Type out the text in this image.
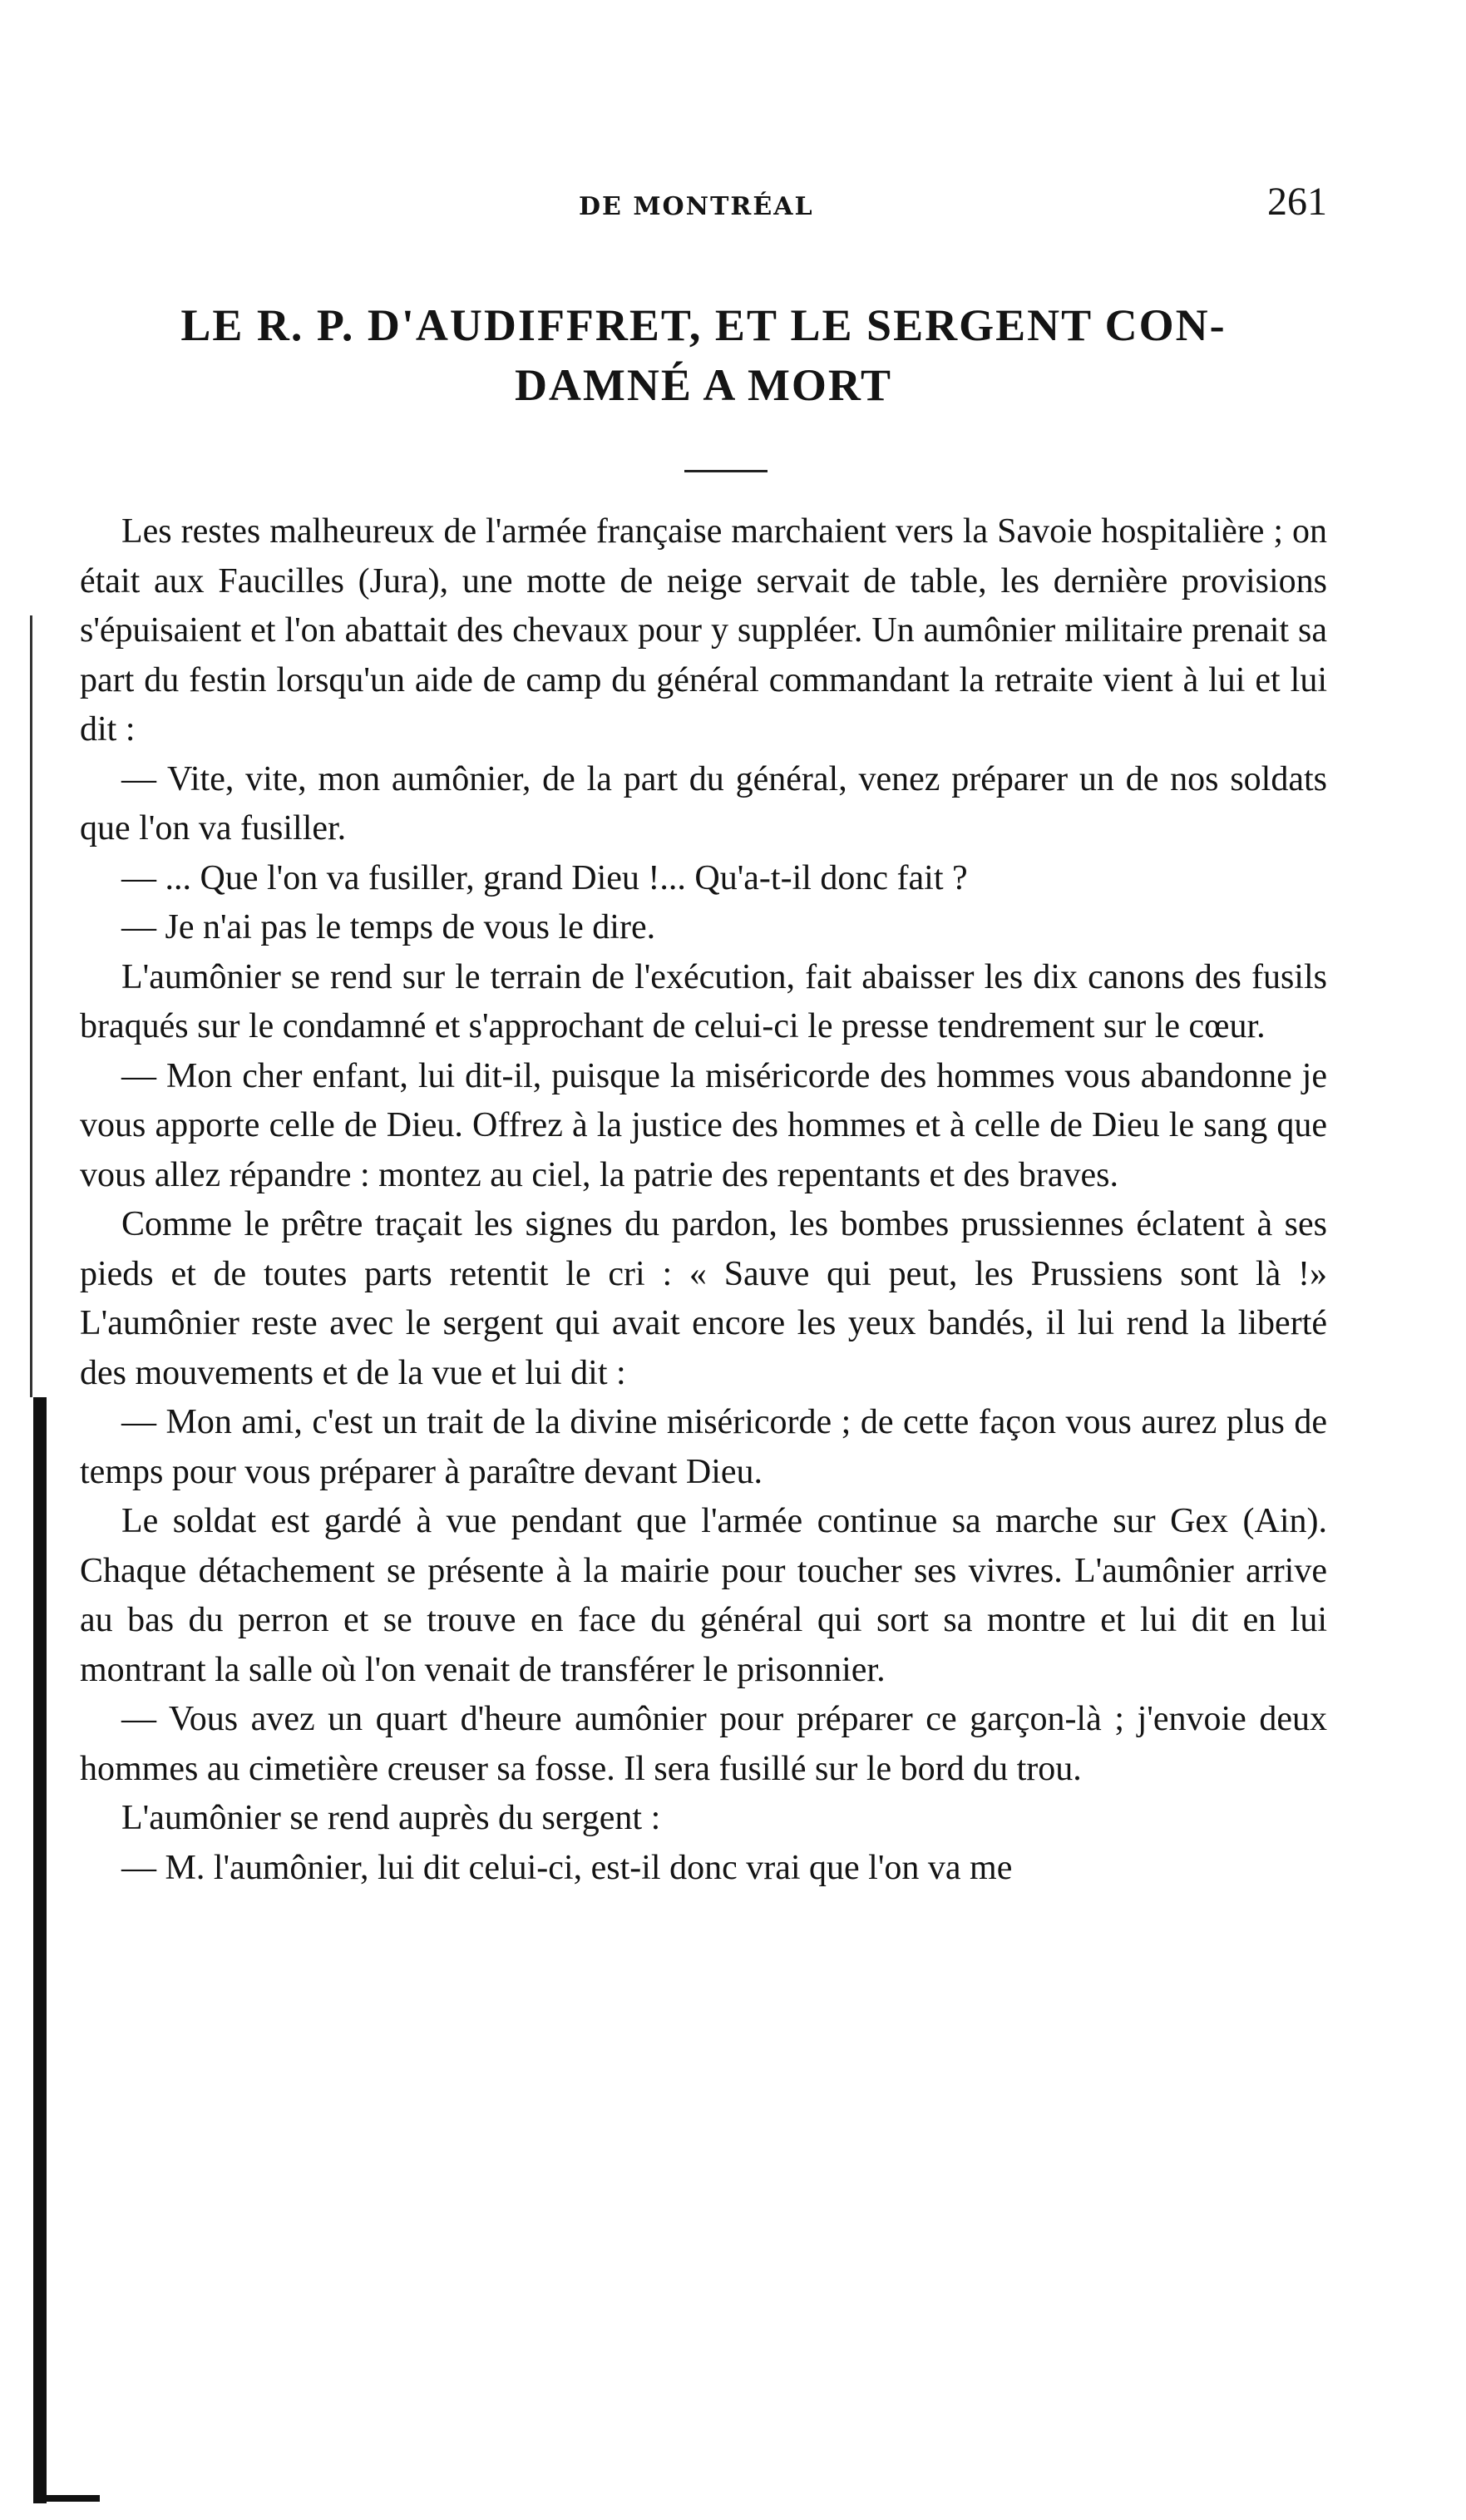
DE MONTRÉAL	261
LE R. P. D'AUDIFFRET, ET LE SERGENT CON-
DAMNÉ A MORT

Les restes malheureux de l'armée française marchaient vers la Savoie hospitalière ; on était aux Faucilles (Jura), une motte de neige servait de table, les dernière provisions s'épuisaient et l'on abattait des chevaux pour y suppléer. Un aumônier militaire prenait sa part du festin lorsqu'un aide de camp du général commandant la retraite vient à lui et lui dit :

— Vite, vite, mon aumônier, de la part du général, venez préparer un de nos soldats que l'on va fusiller.

— ... Que l'on va fusiller, grand Dieu !... Qu'a-t-il donc fait ?

— Je n'ai pas le temps de vous le dire.

L'aumônier se rend sur le terrain de l'exécution, fait abaisser les dix canons des fusils braqués sur le condamné et s'approchant de celui-ci le presse tendrement sur le cœur.

— Mon cher enfant, lui dit-il, puisque la miséricorde des hommes vous abandonne je vous apporte celle de Dieu. Offrez à la justice des hommes et à celle de Dieu le sang que vous allez répandre : montez au ciel, la patrie des repentants et des braves.

Comme le prêtre traçait les signes du pardon, les bombes prussiennes éclatent à ses pieds et de toutes parts retentit le cri : « Sauve qui peut, les Prussiens sont là !» L'aumônier reste avec le sergent qui avait encore les yeux bandés, il lui rend la liberté des mouvements et de la vue et lui dit :

— Mon ami, c'est un trait de la divine miséricorde ; de cette façon vous aurez plus de temps pour vous préparer à paraître devant Dieu.

Le soldat est gardé à vue pendant que l'armée continue sa marche sur Gex (Ain). Chaque détachement se présente à la mairie pour toucher ses vivres. L'aumônier arrive au bas du perron et se trouve en face du général qui sort sa montre et lui dit en lui montrant la salle où l'on venait de transférer le prisonnier.

— Vous avez un quart d'heure aumônier pour préparer ce garçon-là ; j'envoie deux hommes au cimetière creuser sa fosse. Il sera fusillé sur le bord du trou.

L'aumônier se rend auprès du sergent :

— M. l'aumônier, lui dit celui-ci, est-il donc vrai que l'on va me
